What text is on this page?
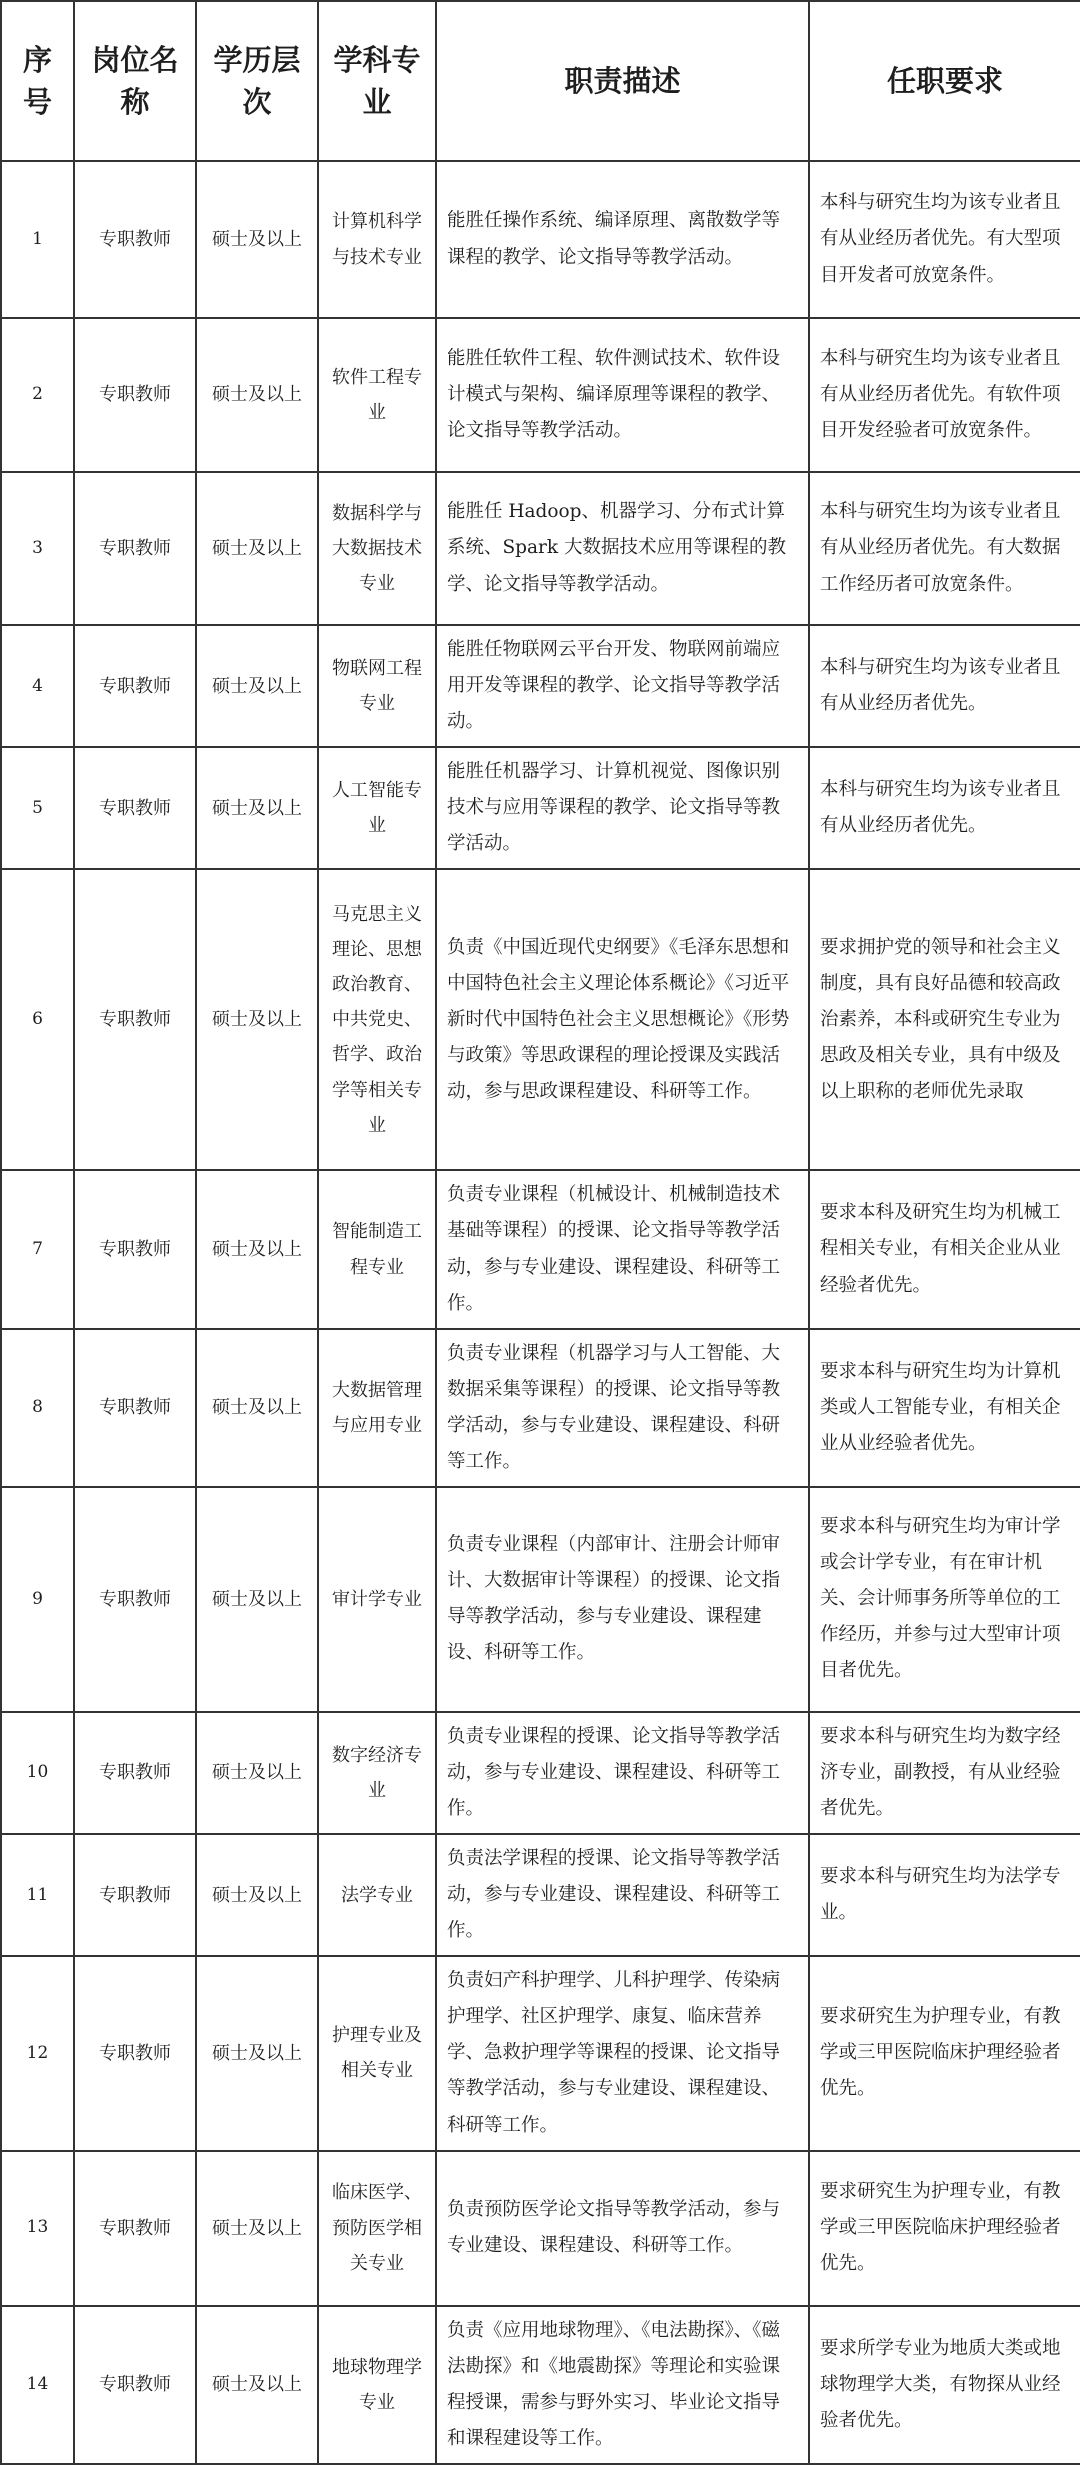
序号	岗位名称	学历层次	学科专业	职责描述	任职要求
1	专职教师	硕士及以上	计算机科学与技术专业	能胜任操作系统、编译原理、离散数学等课程的教学、论文指导等教学活动。	本科与研究生均为该专业者且有从业经历者优先。有大型项目开发者可放宽条件。
2	专职教师	硕士及以上	软件工程专业	能胜任软件工程、软件测试技术、软件设计模式与架构、编译原理等课程的教学、论文指导等教学活动。	本科与研究生均为该专业者且有从业经历者优先。有软件项目开发经验者可放宽条件。
3	专职教师	硕士及以上	数据科学与大数据技术专业	能胜任 Hadoop、机器学习、分布式计算系统、Spark 大数据技术应用等课程的教学、论文指导等教学活动。	本科与研究生均为该专业者且有从业经历者优先。有大数据工作经历者可放宽条件。
4	专职教师	硕士及以上	物联网工程专业	能胜任物联网云平台开发、物联网前端应用开发等课程的教学、论文指导等教学活动。	本科与研究生均为该专业者且有从业经历者优先。
5	专职教师	硕士及以上	人工智能专业	能胜任机器学习、计算机视觉、图像识别技术与应用等课程的教学、论文指导等教学活动。	本科与研究生均为该专业者且有从业经历者优先。
6	专职教师	硕士及以上	马克思主义理论、思想政治教育、中共党史、哲学、政治学等相关专业	负责《中国近现代史纲要》《毛泽东思想和中国特色社会主义理论体系概论》《习近平新时代中国特色社会主义思想概论》《形势与政策》等思政课程的理论授课及实践活动，参与思政课程建设、科研等工作。	要求拥护党的领导和社会主义制度，具有良好品德和较高政治素养，本科或研究生专业为思政及相关专业，具有中级及以上职称的老师优先录取
7	专职教师	硕士及以上	智能制造工程专业	负责专业课程（机械设计、机械制造技术基础等课程）的授课、论文指导等教学活动，参与专业建设、课程建设、科研等工作。	要求本科及研究生均为机械工程相关专业，有相关企业从业经验者优先。
8	专职教师	硕士及以上	大数据管理与应用专业	负责专业课程（机器学习与人工智能、大数据采集等课程）的授课、论文指导等教学活动，参与专业建设、课程建设、科研等工作。	要求本科与研究生均为计算机类或人工智能专业，有相关企业从业经验者优先。
9	专职教师	硕士及以上	审计学专业	负责专业课程（内部审计、注册会计师审计、大数据审计等课程）的授课、论文指导等教学活动，参与专业建设、课程建设、科研等工作。	要求本科与研究生均为审计学或会计学专业，有在审计机关、会计师事务所等单位的工作经历，并参与过大型审计项目者优先。
10	专职教师	硕士及以上	数字经济专业	负责专业课程的授课、论文指导等教学活动，参与专业建设、课程建设、科研等工作。	要求本科与研究生均为数字经济专业，副教授，有从业经验者优先。
11	专职教师	硕士及以上	法学专业	负责法学课程的授课、论文指导等教学活动，参与专业建设、课程建设、科研等工作。	要求本科与研究生均为法学专业。
12	专职教师	硕士及以上	护理专业及相关专业	负责妇产科护理学、儿科护理学、传染病护理学、社区护理学、康复、临床营养学、急救护理学等课程的授课、论文指导等教学活动，参与专业建设、课程建设、科研等工作。	要求研究生为护理专业，有教学或三甲医院临床护理经验者优先。
13	专职教师	硕士及以上	临床医学、预防医学相关专业	负责预防医学论文指导等教学活动，参与专业建设、课程建设、科研等工作。	要求研究生为护理专业，有教学或三甲医院临床护理经验者优先。
14	专职教师	硕士及以上	地球物理学专业	负责《应用地球物理》、《电法勘探》、《磁法勘探》和《地震勘探》等理论和实验课程授课，需参与野外实习、毕业论文指导和课程建设等工作。	要求所学专业为地质大类或地球物理学大类，有物探从业经验者优先。
